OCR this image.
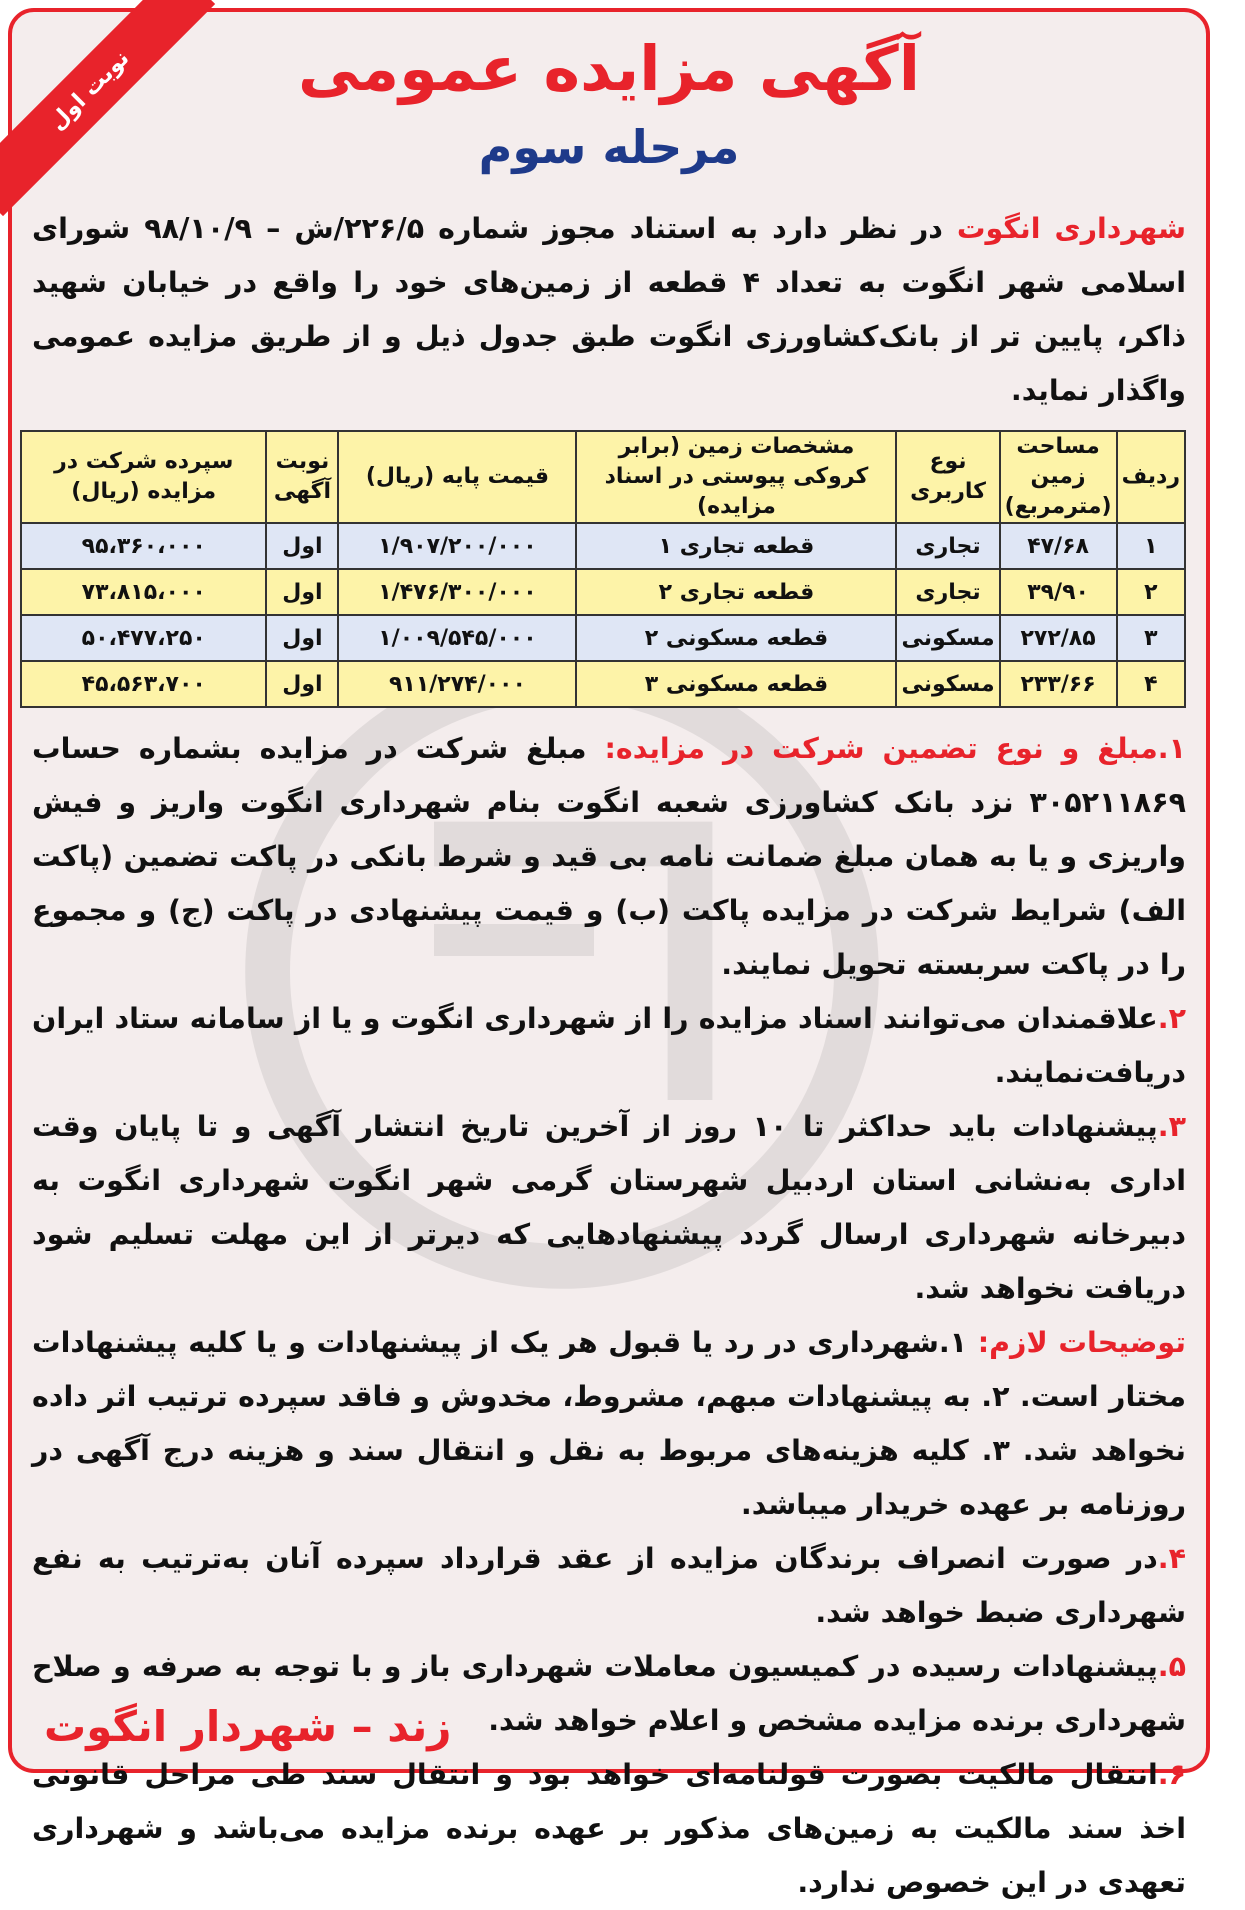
نوبت اول	آگهی مزایده عمومی
مرحله سوم

شهرداری انگوت در نظر دارد به استناد مجوز شماره ۲۲۶/۵/ش – ۹۸/۱۰/۹ شورای اسلامی شهر انگوت به تعداد ۴ قطعه از زمین‌های خود را واقع در خیابان شهید ذاکر، پایین تر از بانک‌کشاورزی انگوت طبق جدول ذیل و از طریق مزایده عمومی واگذار نماید.

ردیف	مساحت زمین (مترمربع)	نوع کاربری	مشخصات زمین (برابر کروکی پیوستی در اسناد مزایده)	قیمت پایه (ریال)	نوبت آگهی	سپرده شرکت در مزایده (ریال)
۱	۴۷/۶۸	تجاری	قطعه تجاری ۱	۱/۹۰۷/۲۰۰/۰۰۰	اول	۹۵،۳۶۰،۰۰۰
۲	۳۹/۹۰	تجاری	قطعه تجاری ۲	۱/۴۷۶/۳۰۰/۰۰۰	اول	۷۳،۸۱۵،۰۰۰
۳	۲۷۲/۸۵	مسکونی	قطعه مسکونی ۲	۱/۰۰۹/۵۴۵/۰۰۰	اول	۵۰،۴۷۷،۲۵۰
۴	۲۳۳/۶۶	مسکونی	قطعه مسکونی ۳	۹۱۱/۲۷۴/۰۰۰	اول	۴۵،۵۶۳،۷۰۰

۱.مبلغ و نوع تضمین شرکت در مزایده: مبلغ شرکت در مزایده بشماره حساب ۳۰۵۲۱۱۸۶۹ نزد بانک کشاورزی شعبه انگوت بنام شهرداری انگوت واریز و فیش واریزی و یا به همان مبلغ ضمانت نامه بی قید و شرط بانکی در پاکت تضمین (پاکت الف) شرایط شرکت در مزایده پاکت (ب) و قیمت پیشنهادی در پاکت (ج) و مجموع را در پاکت سربسته تحویل نمایند.

۲.علاقمندان می‌توانند اسناد مزایده را از شهرداری انگوت و یا از سامانه ستاد ایران دریافت‌نمایند.

۳.پیشنهادات باید حداکثر تا ۱۰ روز از آخرین تاریخ انتشار آگهی و تا پایان وقت اداری به‌نشانی استان اردبیل شهرستان گرمی شهر انگوت شهرداری انگوت به دبیرخانه شهرداری ارسال گردد پیشنهادهایی که دیرتر از این مهلت تسلیم شود دریافت نخواهد شد.

توضیحات لازم: ۱.شهرداری در رد یا قبول هر یک از پیشنهادات و یا کلیه پیشنهادات مختار است. ۲. به پیشنهادات مبهم، مشروط، مخدوش و فاقد سپرده ترتیب اثر داده نخواهد شد. ۳. کلیه هزینه‌های مربوط به نقل و انتقال سند و هزینه درج آگهی در روزنامه بر عهده خریدار میباشد.

۴.در صورت انصراف برندگان مزایده از عقد قرارداد سپرده آنان به‌ترتیب به نفع شهرداری ضبط خواهد شد.

۵.پیشنهادات رسیده در کمیسیون معاملات شهرداری باز و با توجه به صرفه و صلاح شهرداری برنده مزایده مشخص و اعلام خواهد شد.

۶.انتقال مالکیت بصورت قولنامه‌ای خواهد بود و انتقال سند طی مراحل قانونی اخذ سند مالکیت به زمین‌های مذکور بر عهده برنده مزایده می‌باشد و شهرداری تعهدی در این خصوص ندارد.

زند – شهردار انگوت
